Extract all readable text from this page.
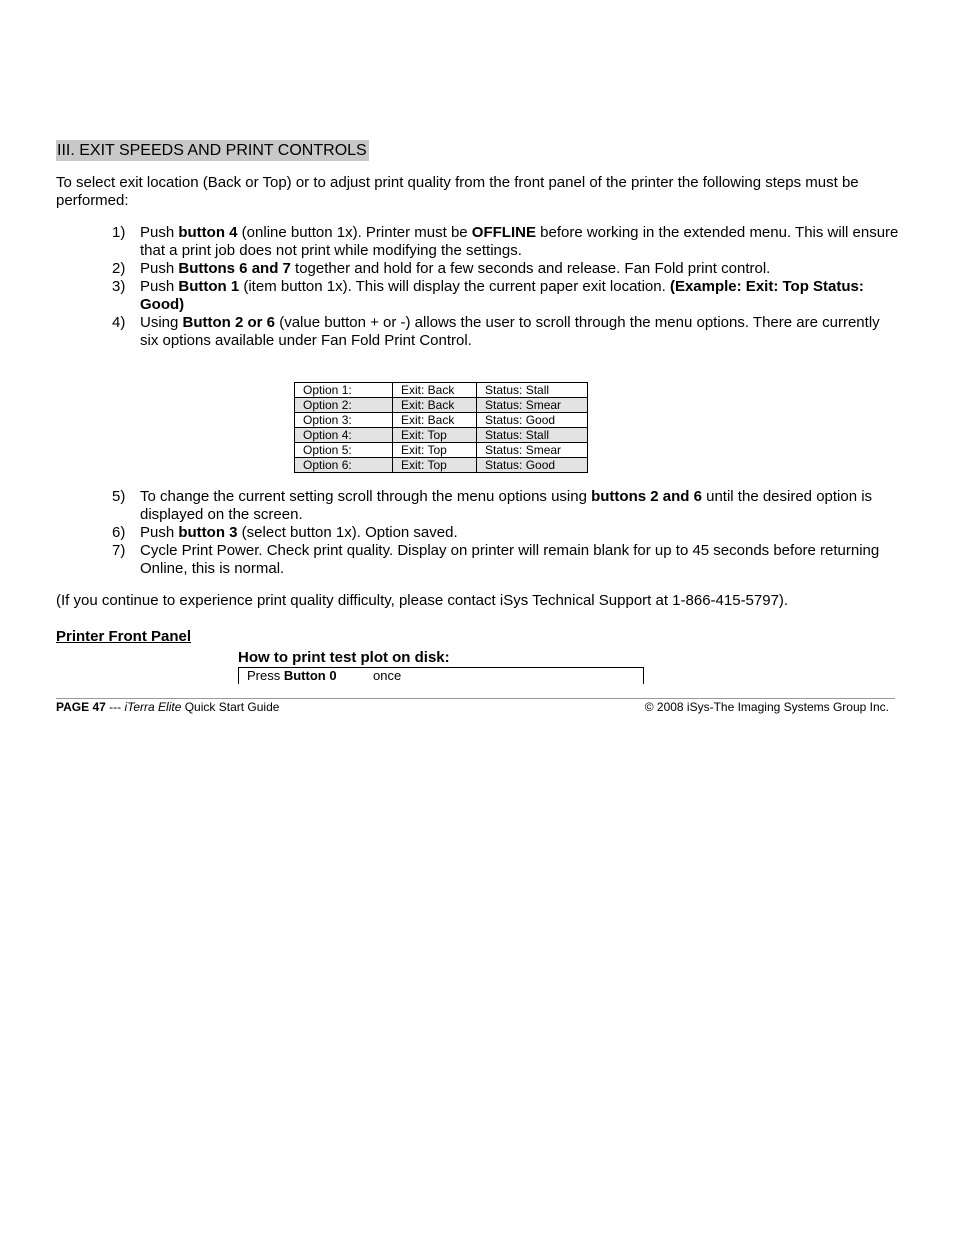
III. EXIT SPEEDS AND PRINT CONTROLS
To select exit location (Back or Top) or to adjust print quality from the front panel of the printer the following steps must be performed:
1) Push button 4 (online button 1x). Printer must be OFFLINE before working in the extended menu. This will ensure that a print job does not print while modifying the settings.
2) Push Buttons 6 and 7 together and hold for a few seconds and release. Fan Fold print control.
3) Push Button 1 (item button 1x). This will display the current paper exit location. (Example: Exit: Top Status: Good)
4) Using Button 2 or 6 (value button + or -) allows the user to scroll through the menu options. There are currently six options available under Fan Fold Print Control.
Option 1:	Exit: Back	Status: Stall
Option 2:	Exit: Back	Status: Smear
Option 3:	Exit: Back	Status: Good
Option 4:	Exit: Top	Status: Stall
Option 5:	Exit: Top	Status: Smear
Option 6:	Exit: Top	Status: Good
5) To change the current setting scroll through the menu options using buttons 2 and 6 until the desired option is displayed on the screen.
6) Push button 3 (select button 1x). Option saved.
7) Cycle Print Power. Check print quality. Display on printer will remain blank for up to 45 seconds before returning Online, this is normal.
(If you continue to experience print quality difficulty, please contact iSys Technical Support at 1-866-415-5797).
Printer Front Panel
How to print test plot on disk:
Press Button 0	once
PAGE 47 --- iTerra Elite Quick Start Guide	© 2008 iSys-The Imaging Systems Group Inc.
